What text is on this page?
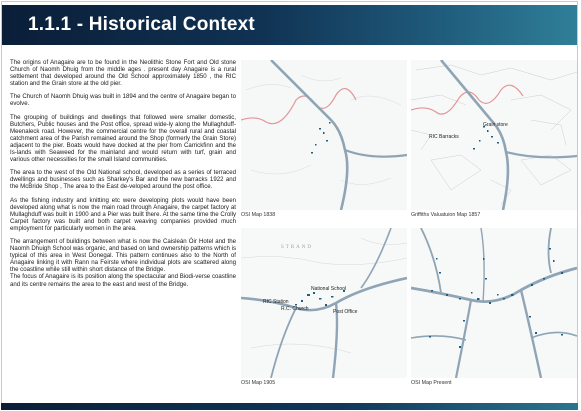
1.1.1 - Historical Context

The origins of Anagaire are to be found in the Neolithic Stone Fort and Old stone Church of Naomh Dhuig from the middle ages . present day Anagaire is a rural settlement that developed around the Old School approximately 1850 , the RIC station and the Grain store at the old pier.

The Church of Naomh Dhuig was built in 1894 and the centre of Anagaire began to evolve.

The grouping of buildings and dwellings that followed were smaller domestic, Butchers, Public houses and the Post office, spread wide-ly along the Mullaghduff-Meenaleck road. However, the commercial centre for the overall rural and coastal catchment area of the Parish remained around the Shop (formerly the Grain Store) adjacent to the pier. Boats would have docked at the pier from Carrickfinn and the Is-lands with Seaweed for the mainland and would return with turf, grain and various other necessities for the small Island communities.

The area to the west of the Old National school, developed as a series of terraced dwellings and businesses such as Sharkey's Bar and the new barracks 1922 and the McBride Shop , The area to the East de-veloped around the post office.

As the fishing industry and knitting etc were developing plots would have been developed along what is now the main road through Anagaire, the carpet factory at Mullaghduff was built in 1900 and a Pier was built there. At the same time the Crolly Carpet factory was built and both carpet weaving companies provided much employment for particularly women in the area.

The arrangement of buildings between what is now the Caisleán Óir Hotel and the Naomh Dhuigh School was organic, and based on land ownership patterns which is typical of this area in West Donegal. This pattern continues also to the North of Anagaire linking it with Rann na Feirste where individual plots are scattered along the coastline while still within short distance of the Bridge.

The focus of Anagaire is its position along the spectacular and Biodi-verse coastline and its centre remains the area to the east and west of the Bridge.

OSI Map 1838
RIC Barracks
Grain store
Griffiths Valuatuion Map 1857
STRAND
National School
RIC Station
R.C. Church	Post Office
OSI Map 1905	OSI Map Present
